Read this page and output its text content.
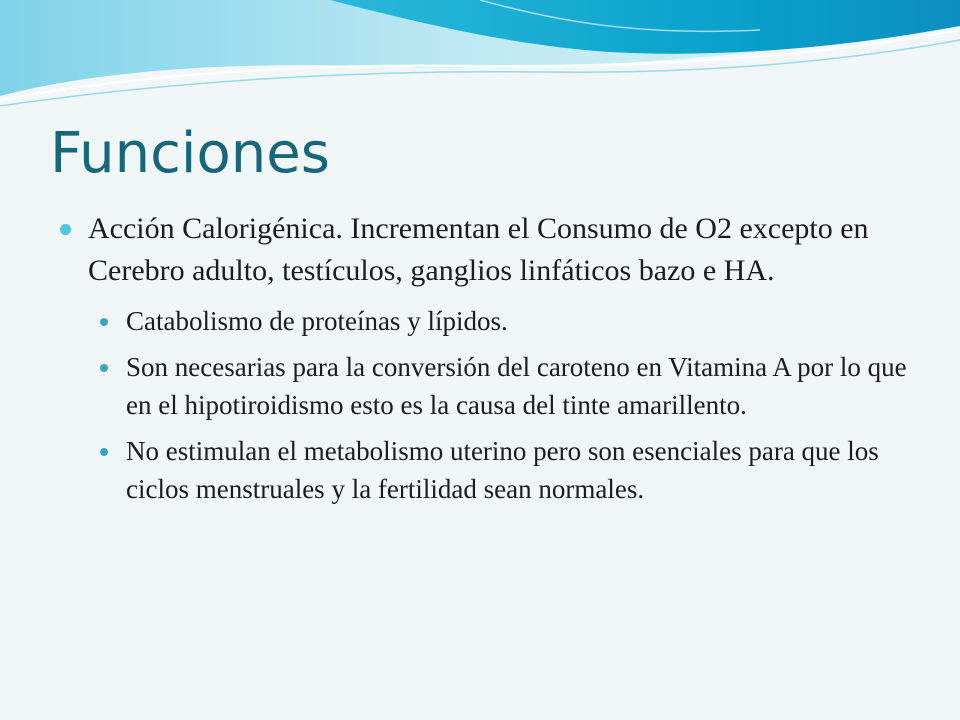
Funciones
Acción Calorigénica. Incrementan el Consumo de O2 excepto en Cerebro adulto, testículos, ganglios linfáticos bazo e HA.
Catabolismo de proteínas y lípidos.
Son necesarias para la conversión del caroteno en Vitamina A por lo que en el hipotiroidismo esto es la causa del tinte amarillento.
No estimulan el metabolismo uterino pero son esenciales para que los ciclos menstruales y la fertilidad sean normales.
